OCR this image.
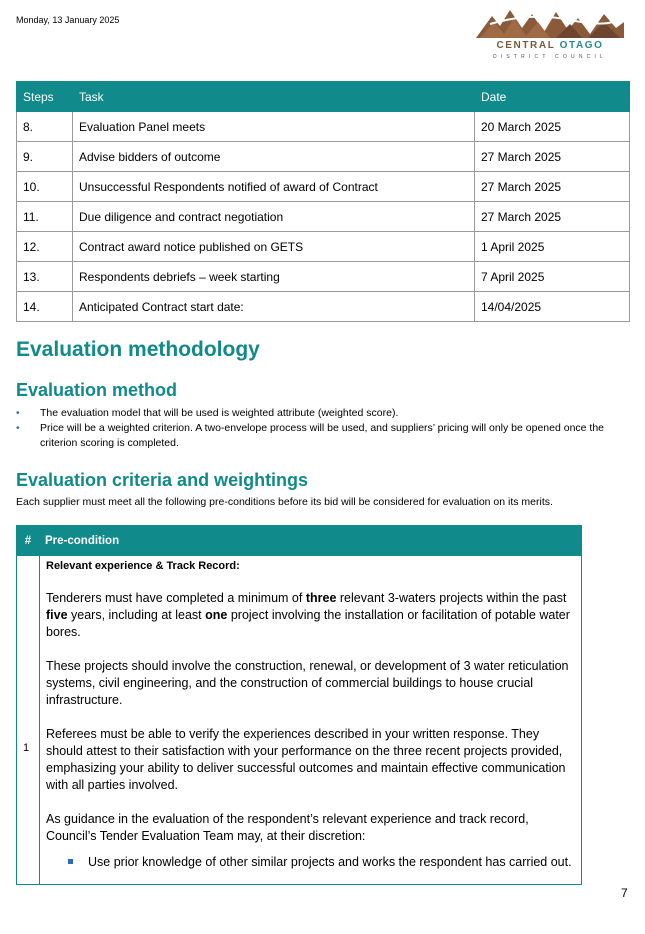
Monday, 13 January 2025
CENTRAL OTAGO
DISTRICT COUNCIL
Steps	Task	Date
8.	Evaluation Panel meets	20 March 2025
9.	Advise bidders of outcome	27 March 2025
10.	Unsuccessful Respondents notified of award of Contract	27 March 2025
11.	Due diligence and contract negotiation	27 March 2025
12.	Contract award notice published on GETS	1 April 2025
13.	Respondents debriefs – week starting	7 April 2025
14.	Anticipated Contract start date:	14/04/2025
Evaluation methodology
Evaluation method
• The evaluation model that will be used is weighted attribute (weighted score).
• Price will be a weighted criterion. A two-envelope process will be used, and suppliers’ pricing will only be opened once the criterion scoring is completed.
Evaluation criteria and weightings
Each supplier must meet all the following pre-conditions before its bid will be considered for evaluation on its merits.
#	Pre-condition
1

Relevant experience & Track Record:

Tenderers must have completed a minimum of three relevant 3-waters projects within the past five years, including at least one project involving the installation or facilitation of potable water bores.

These projects should involve the construction, renewal, or development of 3 water reticulation systems, civil engineering, and the construction of commercial buildings to house crucial infrastructure.

Referees must be able to verify the experiences described in your written response. They should attest to their satisfaction with your performance on the three recent projects provided, emphasizing your ability to deliver successful outcomes and maintain effective communication with all parties involved.

As guidance in the evaluation of the respondent’s relevant experience and track record, Council’s Tender Evaluation Team may, at their discretion:

Use prior knowledge of other similar projects and works the respondent has carried out.

7
